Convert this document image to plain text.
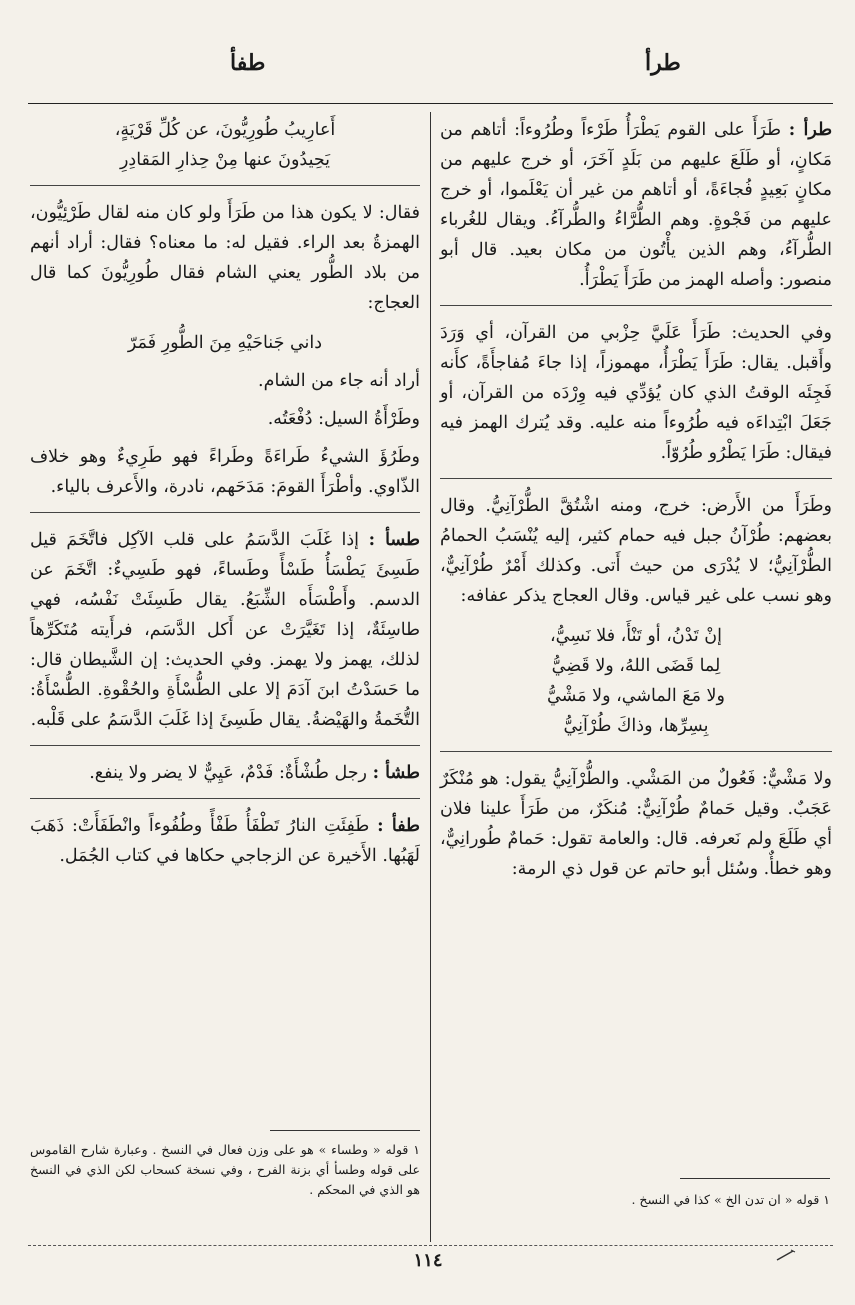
طرأ
طفأ

طرأ : طَرَأَ على القوم يَطْرَأُ طَرْءاً وطُرُوءاً: أتاهم من مَكانٍ، أو طَلَعَ عليهم من بَلَدٍ آخَرَ، أو خرج عليهم من مكانٍ بَعِيدٍ فُجاءَةً، أو أتاهم من غير أن يَعْلَموا، أو خرج عليهم من فَجْوةٍ. وهم الطُّرَّاءُ والطُّرآءُ. ويقال للغُرباء الطُّرآءُ، وهم الذين يأْتُون من مكان بعيد. قال أبو منصور: وأصله الهمز من طَرَأَ يَطْرَأُ.

وفي الحديث: طَرَأَ عَلَيَّ حِزْبي من القرآن، أي وَرَدَ وأَقبل. يقال: طَرَأَ يَطْرَأُ، مهموزاً، إذا جاءَ مُفاجأَةً، كأَنه فَجِئَه الوقتُ الذي كان يُؤدِّي فيه وِرْدَه من القرآن، أو جَعَلَ ابْتِداءَه فيه طُرُوءاً منه عليه. وقد يُترك الهمز فيه فيقال: طَرَا يَطْرُو طُرُوّاً.

وطَرَأَ من الأَرض: خرج، ومنه اشْتُقَّ الطُّرْآنِيُّ. وقال بعضهم: طُرْآنُ جبل فيه حمام كثير، إليه يُنْسَبُ الحمامُ الطُّرْآنِيُّ؛ لا يُدْرَى من حيث أَتى. وكذلك أَمْرٌ طُرْآنِيٌّ، وهو نسب على غير قياس. وقال العجاج يذكر عفافه:

إنْ تَدْنُ، أو تَنْأَ، فلا نَسِيُّ،
لِما قَضَى اللهُ، ولا قَضِيُّ
ولا مَعَ الماشي، ولا مَشْيُّ
بِسِرِّها، وذاكَ طُرْآنِيُّ

ولا مَشْيٌّ: فَعُولٌ من المَشْي. والطُّرْآنِيُّ يقول: هو مُنْكَرٌ عَجَبٌ. وقيل حَمامٌ طُرْآنِيٌّ: مُنكَرٌ، من طَرَأَ علينا فلان أي طَلَعَ ولم نَعرفه. قال: والعامة تقول: حَمامٌ طُورانِيٌّ، وهو خطأٌ. وسُئل أبو حاتم عن قول ذي الرمة:

أَعارِيبُ طُورِيُّونَ، عن كُلِّ قَرْيَةٍ،
يَحِيدُونَ عنها مِنْ حِذارِ المَقادِرِ

فقال: لا يكون هذا من طَرَأَ ولو كان منه لقال طَرْئِيُّون، الهمزةُ بعد الراء. فقيل له: ما معناه؟ فقال: أراد أنهم من بلاد الطُّور يعني الشام فقال طُورِيُّونَ كما قال العجاج:

داني جَناحَيْهِ مِنَ الطُّورِ فَمَرّ

أراد أنه جاء من الشام.

وطَرْأَةُ السيل: دُفْعَتُه.

وطَرُؤَ الشيءُ طَراءَةً وطَراءً فهو طَرِيءٌ وهو خلاف الذّاوي. وأطْرَأَ القومَ: مَدَحَهم، نادرة، والأَعرف بالياء.

طسأ : إذا غَلَبَ الدَّسَمُ على قلب الآكِل فاتَّخَمَ قيل طَسِئَ يَطْسَأُ طَسْأً وطَساءً، فهو طَسِيءٌ: اتَّخَمَ عن الدسم. وأَطْسَأَه الشِّبَعُ. يقال طَسِئَتْ نَفْسُه، فهي طاسِئَةٌ، إذا تَغَيَّرَتْ عن أَكل الدَّسَم، فرأَيته مُتَكَرِّهاً لذلك، يهمز ولا يهمز. وفي الحديث: إن الشَّيطان قال: ما حَسَدْتُ ابنَ آدَمَ إلا على الطُّسْأَةِ والحُقْوةِ. الطُّسْأَةُ: التُّخَمةُ والهَيْضةُ. يقال طَسِئَ إذا غَلَبَ الدَّسَمُ على قَلْبه.

طشأ : رجل طُشْأَةٌ: فَدْمٌ، عَيِيٌّ لا يضر ولا ينفع.

طفأ : طَفِئَتِ النارُ تَطْفَأُ طَفْأً وطُفُوءاً وانْطَفَأَتْ: ذَهَبَ لَهَبُها. الأَخيرة عن الزجاجي حكاها في كتاب الجُمَل.

١ قوله « وطساء » هو على وزن فعال في النسخ . وعبارة شارح القاموس على قوله وطسأ أي بزنة الفرح ، وفي نسخة كسحاب لكن الذي في النسخ هو الذي في المحكم .
١ قوله « ان تدن الخ » كذا في النسخ .
١١٤
